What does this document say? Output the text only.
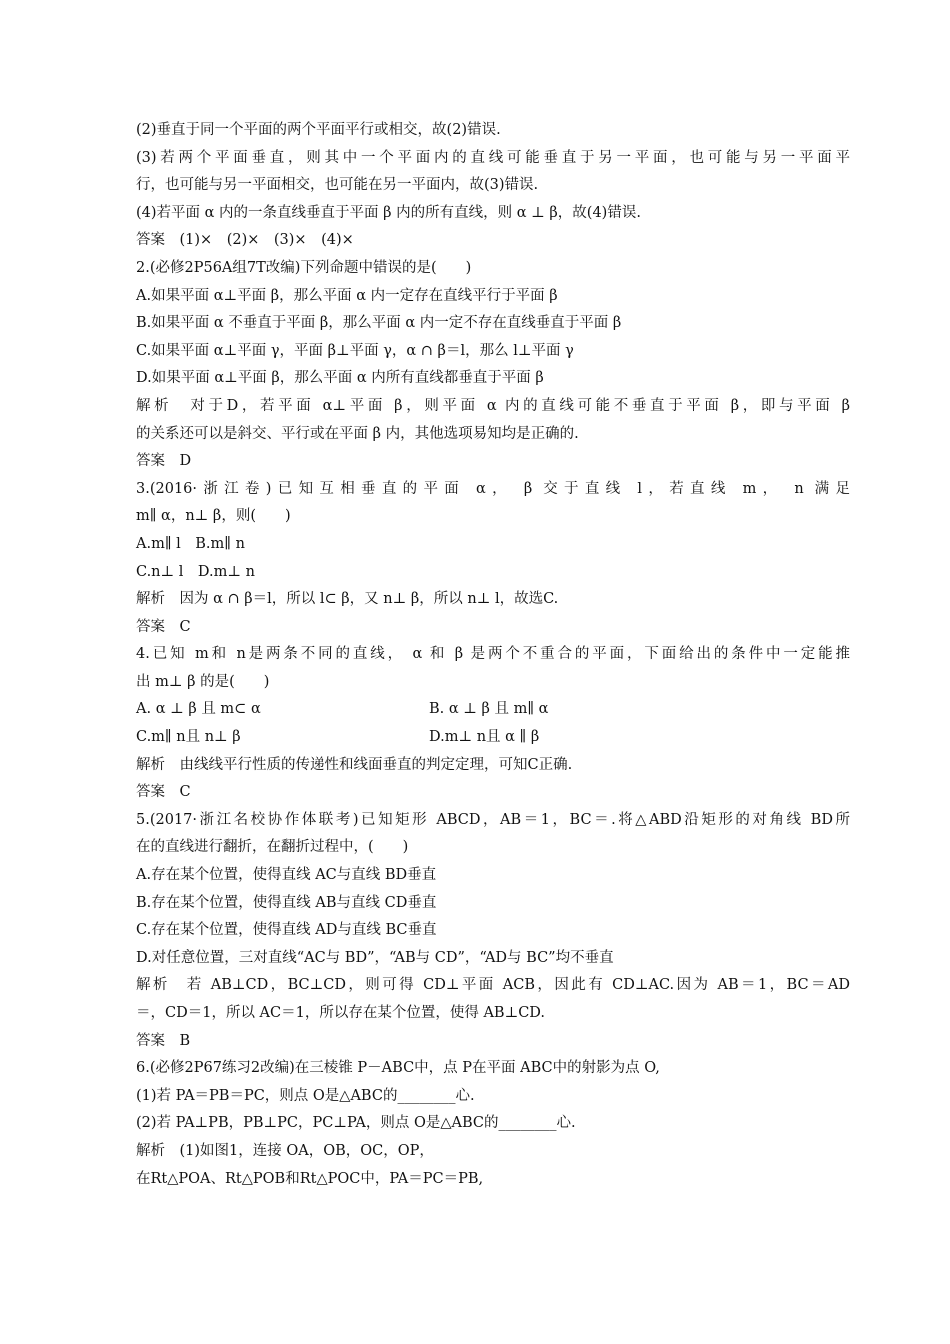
(2)垂直于同一个平面的两个平面平行或相交，故(2)错误.
(3)若两个平面垂直，则其中一个平面内的直线可能垂直于另一平面，也可能与另一平面平
行，也可能与另一平面相交，也可能在另一平面内，故(3)错误.
(4)若平面 α 内的一条直线垂直于平面 β 内的所有直线，则 α ⊥ β，故(4)错误.
答案　(1)×　(2)×　(3)×　(4)×
2.(必修2P56A组7T改编)下列命题中错误的是(　　)
A.如果平面 α⊥平面 β，那么平面 α 内一定存在直线平行于平面 β
B.如果平面 α 不垂直于平面 β，那么平面 α 内一定不存在直线垂直于平面 β
C.如果平面 α⊥平面 γ，平面 β⊥平面 γ，α ∩ β＝l，那么 l⊥平面 γ
D.如果平面 α⊥平面 β，那么平面 α 内所有直线都垂直于平面 β
解析　对于D，若平面 α⊥平面 β，则平面 α 内的直线可能不垂直于平面 β，即与平面 β
的关系还可以是斜交、平行或在平面 β 内，其他选项易知均是正确的.
答案　D
3.(2016·浙江卷)已知互相垂直的平面 α， β 交于直线 l，若直线 m， n 满足
m∥ α，n⊥ β，则(　　)
A.m∥ l　B.m∥ n
C.n⊥ l　D.m⊥ n
解析　因为 α ∩ β＝l，所以 l⊂ β，又 n⊥ β，所以 n⊥ l，故选C.
答案　C
4.已知 m和 n是两条不同的直线， α 和 β 是两个不重合的平面，下面给出的条件中一定能推
出 m⊥ β 的是(　　)
A. α ⊥ β 且 m⊂ α	B. α ⊥ β 且 m∥ α
C.m∥ n且 n⊥ β	D.m⊥ n且 α ∥ β
解析　由线线平行性质的传递性和线面垂直的判定定理，可知C正确.
答案　C
5.(2017·浙江名校协作体联考)已知矩形 ABCD，AB＝1，BC＝.将△ABD沿矩形的对角线 BD所
在的直线进行翻折，在翻折过程中，(　　)
A.存在某个位置，使得直线 AC与直线 BD垂直
B.存在某个位置，使得直线 AB与直线 CD垂直
C.存在某个位置，使得直线 AD与直线 BC垂直
D.对任意位置，三对直线“AC与 BD”，“AB与 CD”，“AD与 BC”均不垂直
解析　若 AB⊥CD，BC⊥CD，则可得 CD⊥平面 ACB，因此有 CD⊥AC.因为 AB＝1，BC＝AD
＝，CD＝1，所以 AC＝1，所以存在某个位置，使得 AB⊥CD.
答案　B
6.(必修2P67练习2改编)在三棱锥 P－ABC中，点 P在平面 ABC中的射影为点 O,
(1)若 PA＝PB＝PC，则点 O是△ABC的________心.
(2)若 PA⊥PB，PB⊥PC，PC⊥PA，则点 O是△ABC的________心.
解析　(1)如图1，连接 OA，OB，OC，OP，
在Rt△POA、Rt△POB和Rt△POC中，PA＝PC＝PB,
